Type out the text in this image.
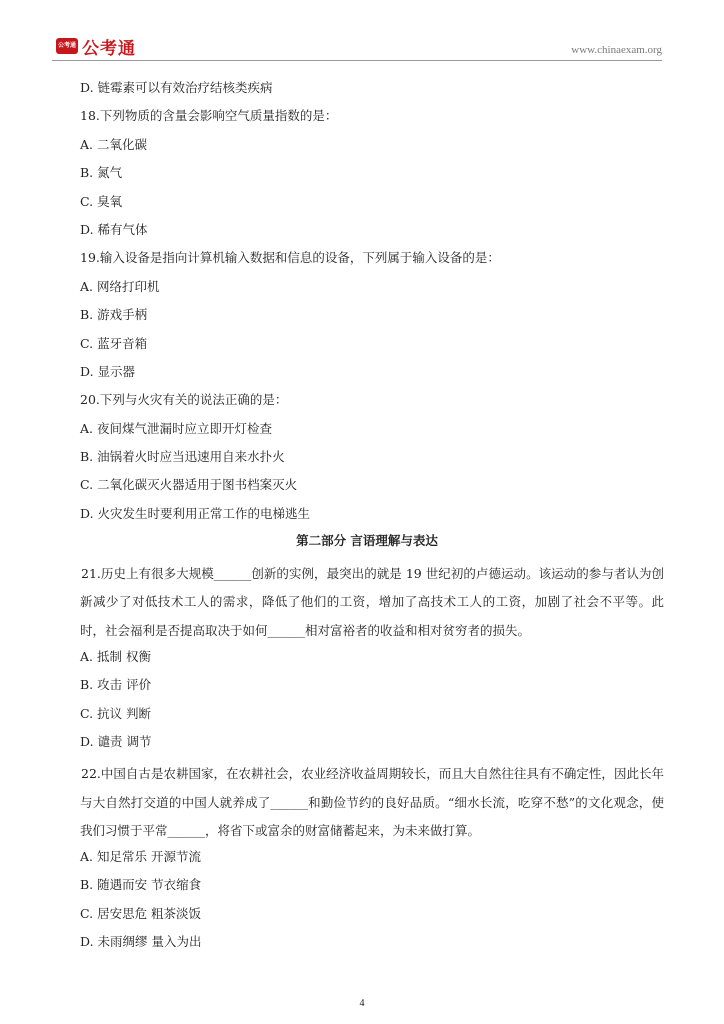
公考通 公考通	www.chinaexam.org
D. 链霉素可以有效治疗结核类疾病
18.下列物质的含量会影响空气质量指数的是：
A. 二氧化碳
B. 氮气
C. 臭氧
D. 稀有气体
19.输入设备是指向计算机输入数据和信息的设备，下列属于输入设备的是：
A. 网络打印机
B. 游戏手柄
C. 蓝牙音箱
D. 显示器
20.下列与火灾有关的说法正确的是：
A. 夜间煤气泄漏时应立即开灯检查
B. 油锅着火时应当迅速用自来水扑火
C. 二氧化碳灭火器适用于图书档案灭火
D. 火灾发生时要利用正常工作的电梯逃生
第二部分 言语理解与表达
21.历史上有很多大规模______创新的实例，最突出的就是 19 世纪初的卢德运动。该运动的参与者认为创新减少了对低技术工人的需求，降低了他们的工资，增加了高技术工人的工资，加剧了社会不平等。此时，社会福利是否提高取决于如何______相对富裕者的收益和相对贫穷者的损失。
A. 抵制 权衡
B. 攻击 评价
C. 抗议 判断
D. 谴责 调节
22.中国自古是农耕国家，在农耕社会，农业经济收益周期较长，而且大自然往往具有不确定性，因此长年与大自然打交道的中国人就养成了______和勤俭节约的良好品质。“细水长流，吃穿不愁”的文化观念，使我们习惯于平常______，将省下或富余的财富储蓄起来，为未来做打算。
A. 知足常乐 开源节流
B. 随遇而安 节衣缩食
C. 居安思危 粗茶淡饭
D. 未雨绸缪 量入为出
4
